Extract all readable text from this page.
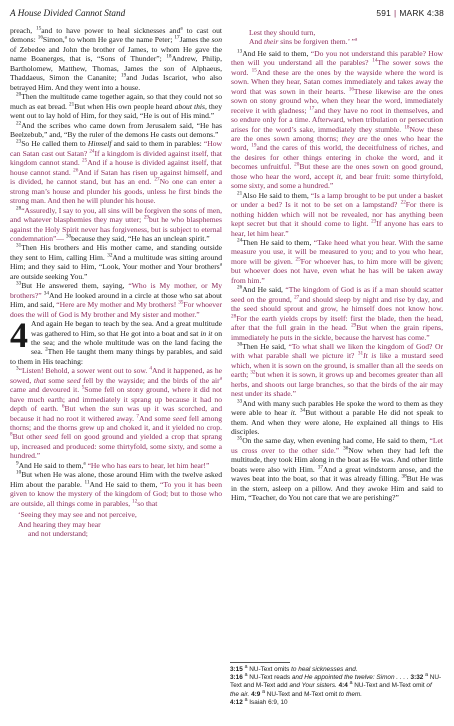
A House Divided Cannot Stand	591 | MARK 4:38

preach, $^{15}$and to have power to heal sicknesses and$^a$ to cast out demons: $^{16}$Simon,$^a$ to whom He gave the name Peter; $^{17}$James the son of Zebedee and John the brother of James, to whom He gave the name Boanerges, that is, “Sons of Thunder”; $^{18}$Andrew, Philip, Bartholomew, Matthew, Thomas, James the son of Alphaeus, Thaddaeus, Simon the Cananite; $^{19}$and Judas Iscariot, who also betrayed Him. And they went into a house.

$^{20}$Then the multitude came together again, so that they could not so much as eat bread. $^{21}$But when His own people heard about this, they went out to lay hold of Him, for they said, “He is out of His mind.”

$^{22}$And the scribes who came down from Jerusalem said, “He has Beelzebub,” and, “By the ruler of the demons He casts out demons.”

$^{23}$So He called them to Himself and said to them in parables: “How can Satan cast out Satan? $^{24}$If a kingdom is divided against itself, that kingdom cannot stand. $^{25}$And if a house is divided against itself, that house cannot stand. $^{26}$And if Satan has risen up against himself, and is divided, he cannot stand, but has an end. $^{27}$No one can enter a strong man’s house and plunder his goods, unless he first binds the strong man. And then he will plunder his house.

$^{28}$“Assuredly, I say to you, all sins will be forgiven the sons of men, and whatever blasphemies they may utter; $^{29}$but he who blasphemes against the Holy Spirit never has forgiveness, but is subject to eternal condemnation”— $^{30}$because they said, “He has an unclean spirit.”

$^{31}$Then His brothers and His mother came, and standing outside they sent to Him, calling Him. $^{32}$And a multitude was sitting around Him; and they said to Him, “Look, Your mother and Your brothers$^a$ are outside seeking You.”

$^{33}$But He answered them, saying, “Who is My mother, or My brothers?” $^{34}$And He looked around in a circle at those who sat about Him, and said, “Here are My mother and My brothers! $^{35}$For whoever does the will of God is My brother and My sister and mother.”

4 And again He began to teach by the sea. And a great multitude was gathered to Him, so that He got into a boat and sat in it on the sea; and the whole multitude was on the land facing the sea. $^2$Then He taught them many things by parables, and said to them in His teaching:

$^3$“Listen! Behold, a sower went out to sow. $^4$And it happened, as he sowed, that some seed fell by the wayside; and the birds of the air$^a$ came and devoured it. $^5$Some fell on stony ground, where it did not have much earth; and immediately it sprang up because it had no depth of earth. $^6$But when the sun was up it was scorched, and because it had no root it withered away. $^7$And some seed fell among thorns; and the thorns grew up and choked it, and it yielded no crop. $^8$But other seed fell on good ground and yielded a crop that sprang up, increased and produced: some thirtyfold, some sixty, and some a hundred.”

$^9$And He said to them,$^a$ “He who has ears to hear, let him hear!”

$^{10}$But when He was alone, those around Him with the twelve asked Him about the parable. $^{11}$And He said to them, “To you it has been given to know the mystery of the kingdom of God; but to those who are outside, all things come in parables, $^{12}$so that

‘Seeing they may see and not perceive,
And hearing they may hear
and not understand;
Lest they should turn,
And their sins be forgiven them.’ ”$^a$

$^{13}$And He said to them, “Do you not understand this parable? How then will you understand all the parables? $^{14}$The sower sows the word. $^{15}$And these are the ones by the wayside where the word is sown. When they hear, Satan comes immediately and takes away the word that was sown in their hearts. $^{16}$These likewise are the ones sown on stony ground who, when they hear the word, immediately receive it with gladness; $^{17}$and they have no root in themselves, and so endure only for a time. Afterward, when tribulation or persecution arises for the word’s sake, immediately they stumble. $^{18}$Now these are the ones sown among thorns; they are the ones who hear the word, $^{19}$and the cares of this world, the deceitfulness of riches, and the desires for other things entering in choke the word, and it becomes unfruitful. $^{20}$But these are the ones sown on good ground, those who hear the word, accept it, and bear fruit: some thirtyfold, some sixty, and some a hundred.”

$^{21}$Also He said to them, “Is a lamp brought to be put under a basket or under a bed? Is it not to be set on a lampstand? $^{22}$For there is nothing hidden which will not be revealed, nor has anything been kept secret but that it should come to light. $^{23}$If anyone has ears to hear, let him hear.”

$^{24}$Then He said to them, “Take heed what you hear. With the same measure you use, it will be measured to you; and to you who hear, more will be given. $^{25}$For whoever has, to him more will be given; but whoever does not have, even what he has will be taken away from him.”

$^{26}$And He said, “The kingdom of God is as if a man should scatter seed on the ground, $^{27}$and should sleep by night and rise by day, and the seed should sprout and grow, he himself does not know how. $^{28}$For the earth yields crops by itself: first the blade, then the head, after that the full grain in the head. $^{29}$But when the grain ripens, immediately he puts in the sickle, because the harvest has come.”

$^{30}$Then He said, “To what shall we liken the kingdom of God? Or with what parable shall we picture it? $^{31}$It is like a mustard seed which, when it is sown on the ground, is smaller than all the seeds on earth; $^{32}$but when it is sown, it grows up and becomes greater than all herbs, and shoots out large branches, so that the birds of the air may nest under its shade.”

$^{33}$And with many such parables He spoke the word to them as they were able to hear it. $^{34}$But without a parable He did not speak to them. And when they were alone, He explained all things to His disciples.

$^{35}$On the same day, when evening had come, He said to them, “Let us cross over to the other side.” $^{36}$Now when they had left the multitude, they took Him along in the boat as He was. And other little boats were also with Him. $^{37}$And a great windstorm arose, and the waves beat into the boat, so that it was already filling. $^{38}$But He was in the stern, asleep on a pillow. And they awoke Him and said to Him, “Teacher, do You not care that we are perishing?”

3:15 $^a$ NU-Text omits to heal sicknesses and.
3:16 $^a$ NU-Text reads and He appointed the twelve: Simon . . . . 3:32 $^a$ NU-Text and M-Text add and Your sisters. 4:4 $^a$ NU-Text and M-Text omit of the air. 4:9 $^a$ NU-Text and M-Text omit to them.
4:12 $^a$ Isaiah 6:9, 10
